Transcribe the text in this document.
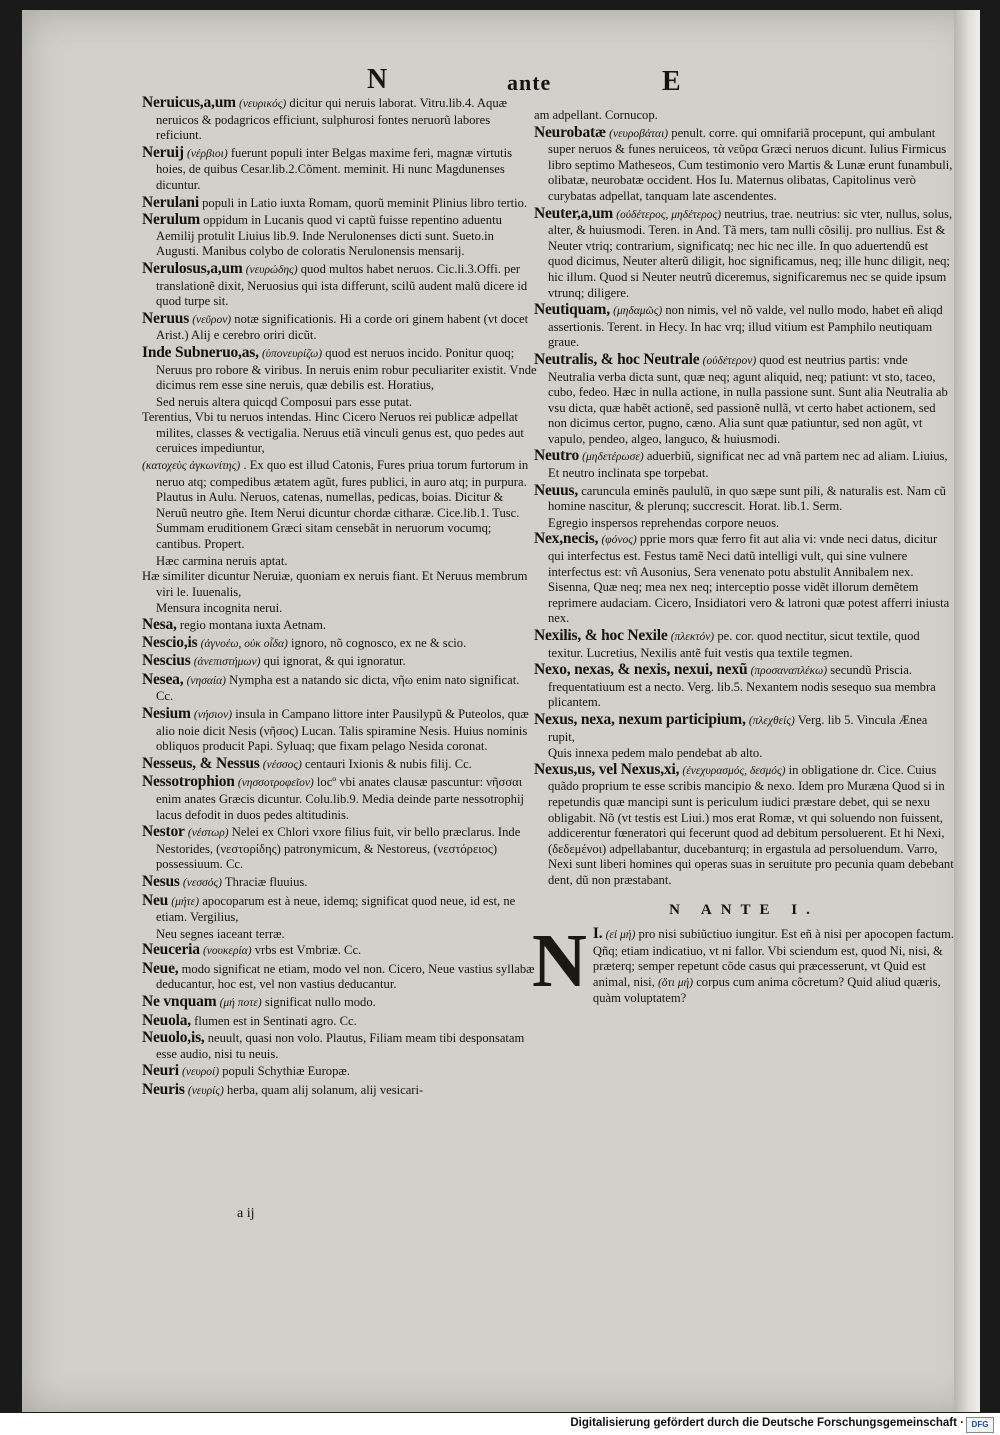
N	ante	E
Neruicus,a,um (νευρικός) dicitur qui neruis laborat. Vitru.lib.4. Aquæ neruicos & podagricos efficiunt, sulphurosi fontes neruorũ labores reficiunt.
Neruij (νέρβιοι) fuerunt populi inter Belgas maxime feri, magnæ virtutis hoies, de quibus Cesar.lib.2.Cõment. meminit. Hi nunc Magdunenses dicuntur.
Nerulani populi in Latio iuxta Romam, quorũ meminit Plinius libro tertio.
Nerulum oppidum in Lucanis quod vi captũ fuisse repentino aduentu Aemilij protulit Liuius lib.9. Inde Nerulonenses dicti sunt. Sueto.in Augusti. Manibus colybo de coloratis Nerulonensis mensarij.
Nerulosus,a,um (νευρώδης) quod multos habet neruos. Cic.li.3.Offi. per translationẽ dixit, Neruosius qui ista differunt, scilũ audent malũ dicere id quod turpe sit.
Neruus (νεῦρον) notæ significationis. Hi a corde ori ginem habent (vt docet Arist.) Alij e cerebro oriri dicũt.
Inde Subneruo,as, (ὑπονευρίζω) quod est neruos incido. Ponitur quoq; Neruus pro robore & viribus. In neruis enim robur peculiariter existit. Vnde dicimus rem esse sine neruis, quæ debilis est. Horatius,
Sed neruis altera quicqd Composui pars esse putat.
Terentius, Vbi tu neruos intendas. Hinc Cicero Neruos rei publicæ adpellat milites, classes & vectigalia. Neruus etiã vinculi genus est, quo pedes aut ceruices impediuntur,
(κατοχεὺς ἀγκωνίτης) . Ex quo est illud Catonis, Fures priua torum furtorum in neruo atq; compedibus ætatem agũt, fures publici, in auro atq; in purpura. Plautus in Aulu. Neruos, catenas, numellas, pedicas, boias. Dicitur & Neruũ neutro gñe. Item Nerui dicuntur chordæ citharæ. Cice.lib.1. Tusc. Summam eruditionem Græci sitam censebãt in neruorum vocumq; cantibus. Propert.
Hæc carmina neruis aptat.
Hæ similiter dicuntur Neruiæ, quoniam ex neruis fiant. Et Neruus membrum viri le. Iuuenalis,
Mensura incognita nerui.
Nesa, regio montana iuxta Aetnam.
Nescio,is (ἀγνοέω, οὐκ οἶδα) ignoro, nõ cognosco, ex ne & scio.
Nescius (ἀνεπιστήμων) qui ignorat, & qui ignoratur.
Nesea, (νησαία) Nympha est a natando sic dicta, νῆω enim nato significat. Cc.
Nesium (νήσιον) insula in Campano littore inter Pausilypũ & Puteolos, quæ alio noie dicit Nesis (νῆσος) Lucan. Talis spiramine Nesis. Huius nominis obliquos producit Papi. Syluaq; que fixam pelago Nesida coronat.
Nesseus, & Nessus (νέσσος) centauri Ixionis & nubis filij. Cc.
Nessotrophion (νησσοτροφεῖον) locº vbi anates clausæ pascuntur: νῆσσαι enim anates Græcis dicuntur. Colu.lib.9. Media deinde parte nessotrophij lacus defodit in duos pedes altitudinis.
Nestor (νέστωρ) Nelei ex Chlori vxore filius fuit, vir bello præclarus. Inde Nestorides, (νεστορίδης) patronymicum, & Nestoreus, (νεστόρειος) possessiuum. Cc.
Nesus (νεσσός) Thraciæ fluuius.
Neu (μήτε) apocoparum est à neue, idemq; significat quod neue, id est, ne etiam. Vergilius,
Neu segnes iaceant terræ.
Neuceria (νουκερία) vrbs est Vmbriæ. Cc.
Neue, modo significat ne etiam, modo vel non. Cicero, Neue vastius syllabæ deducantur, hoc est, vel non vastius deducantur.
Ne vnquam (μή ποτε) significat nullo modo.
Neuola, flumen est in Sentinati agro. Cc.
Neuolo,is, neuult, quasi non volo. Plautus, Filiam meam tibi desponsatam esse audio, nisi tu neuis.
Neuri (νευροί) populi Schythiæ Europæ.
Neuris (νευρίς) herba, quam alij solanum, alij vesicari-
am adpellant. Cornucop.
Neurobatæ (νευροβάται) penult. corre. qui omnifariã procepunt, qui ambulant super neruos & funes neruiceos, τὰ νεῦρα Græci neruos dicunt. Iulius Firmicus libro septimo Matheseos, Cum testimonio vero Martis & Lunæ erunt funambuli, olibatæ, neurobatæ occident. Hos Iu. Maternus olibatas, Capitolinus verò curybatas adpellat, tanquam late ascendentes.
Neuter,a,um (οὐδέτερος, μηδέτερος) neutrius, trae. neutrius: sic vter, nullus, solus, alter, & huiusmodi. Teren. in And. Tã mers, tam nulli cõsilij. pro nullius. Est & Neuter vtriq; contrarium, significatq; nec hic nec ille. In quo aduertendũ est quod dicimus, Neuter alterũ diligit, hoc significamus, neq; ille hunc diligit, neq; hic illum. Quod si Neuter neutrũ diceremus, significaremus nec se quide ipsum vtrunq; diligere.
Neutiquam, (μηδαμῶς) non nimis, vel nõ valde, vel nullo modo, habet eñ aliqd assertionis. Terent. in Hecy. In hac vrq; illud vitium est Pamphilo neutiquam graue.
Neutralis, & hoc Neutrale (οὐδέτερον) quod est neutrius partis: vnde Neutralia verba dicta sunt, quæ neq; agunt aliquid, neq; patiunt: vt sto, taceo, cubo, fedeo. Hæc in nulla actione, in nulla passione sunt. Sunt alia Neutralia ab vsu dicta, quæ habẽt actionẽ, sed passionẽ nullã, vt certo habet actionem, sed non dicimus certor, pugno, cæno. Alia sunt quæ patiuntur, sed non agũt, vt vapulo, pendeo, algeo, languco, & huiusmodi.
Neutro (μηδετέρωσε) aduerbiũ, significat nec ad vnã partem nec ad aliam. Liuius, Et neutro inclinata spe torpebat.
Neuus, caruncula eminẽs paululũ, in quo sæpe sunt pili, & naturalis est. Nam cũ homine nascitur, & plerunq; succrescit. Horat. lib.1. Serm.
Egregio inspersos reprehendas corpore neuos.
Nex,necis, (φόνος) pprie mors quæ ferro fit aut alia vi: vnde neci datus, dicitur qui interfectus est. Festus tamẽ Neci datũ intelligi vult, qui sine vulnere interfectus est: vñ Ausonius, Sera venenato potu abstulit Annibalem nex. Sisenna, Quæ neq; mea nex neq; interceptio posse vidẽt illorum demẽtem reprimere audaciam. Cicero, Insidiatori vero & latroni quæ potest afferri iniusta nex.
Nexilis, & hoc Nexile (πλεκτόν) pe. cor. quod nectitur, sicut textile, quod texitur. Lucretius, Nexilis antẽ fuit vestis qua textile tegmen.
Nexo, nexas, & nexis, nexui, nexũ (προσαναπλέκω) secundũ Priscia. frequentatiuum est a necto. Verg. lib.5. Nexantem nodis sesequo sua membra plicantem.
Nexus, nexa, nexum participium, (πλεχθείς) Verg. lib 5. Vincula Ænea rupit,
Quis innexa pedem malo pendebat ab alto.
Nexus,us, vel Nexus,xi, (ἐνεχυρασμός, δεσμός) in obligatione dr. Cice. Cuius quãdo proprium te esse scribis mancipio & nexo. Idem pro Muræna Quod si in repetundis quæ mancipi sunt is periculum iudici præstare debet, qui se nexu obligabit. Nõ (vt testis est Liui.) mos erat Romæ, vt qui soluendo non fuissent, addicerentur fœneratori qui fecerunt quod ad debitum persoluerent. Et hi Nexi, (δεδεμένοι) adpellabantur, ducebanturq; in ergastula ad persoluendum. Varro, Nexi sunt liberi homines qui operas suas in seruitute pro pecunia quam debebant dent, dũ non præstabant.
N ANTE I.
N I. (εἰ μή) pro nisi subiũctiuo iungitur. Est eñ à nisi per apocopen factum. Qñq; etiam indicatiuo, vt ni fallor. Vbi sciendum est, quod Ni, nisi, & præterq; semper repetunt cõde casus qui præcesserunt, vt Quid est animal, nisi, (ὅτι μή) corpus cum anima cõcretum? Quid aliud quæris, quàm voluptatem?
a ij
Digitalisierung gefördert durch die Deutsche Forschungsgemeinschaft · DFG
